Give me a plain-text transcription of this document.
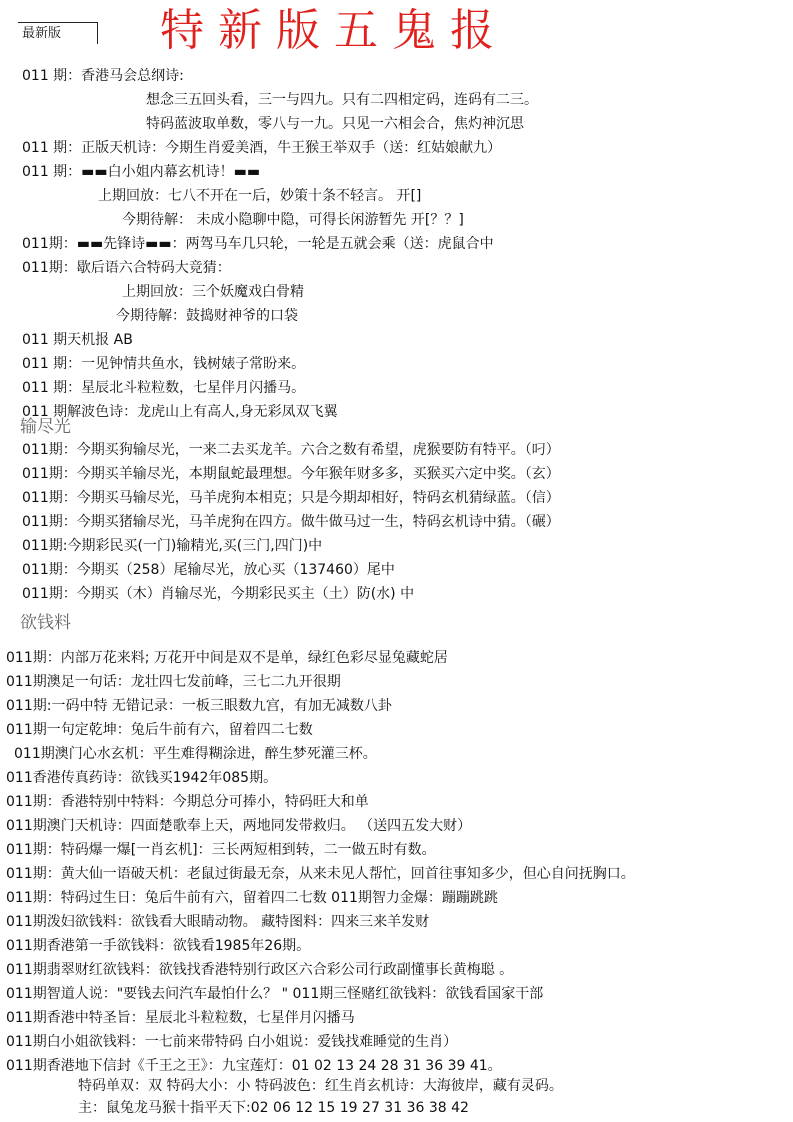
最新版	特新版五鬼报
011 期：香港马会总纲诗:
想念三五回头看，三一与四九。只有二四相定码，连码有二三。
特码蓝波取单数，零八与一九。只见一六相会合，焦灼神沉思
011 期：正版天机诗：今期生肖爱美酒，牛王猴王举双手（送：红姑娘献九）
011 期：▬▬白小姐内幕玄机诗！▬▬
上期回放：七八不开在一后，妙策十条不轻言。 开[]
今期待解： 未成小隐聊中隐，可得长闲游暂先 开[？？]
011期：▬▬先锋诗▬▬：两驾马车几只轮，一轮是五就会乘（送：虎鼠合中
011期：歇后语六合特码大竞猜：
上期回放：三个妖魔戏白骨精
今期待解：鼓捣财神爷的口袋
011 期天机报 AB
011 期：一见钟情共鱼水，钱树婊子常盼来。
011 期：星辰北斗粒粒数，七星伴月闪播马。
011 期解波色诗：龙虎山上有高人,身无彩凤双飞翼
输尽光
011期：今期买狗输尽光，一来二去买龙羊。六合之数有希望，虎猴要防有特平。（叼）
011期：今期买羊输尽光，本期鼠蛇最理想。今年猴年财多多，买猴买六定中奖。（玄）
011期：今期买马输尽光，马羊虎狗本相克；只是今期却相好，特码玄机猜绿蓝。（信）
011期：今期买猪输尽光，马羊虎狗在四方。做牛做马过一生，特码玄机诗中猜。（碾）
011期:今期彩民买(一门)输精光,买(三门,四门)中
011期：今期买（258）尾输尽光，放心买（137460）尾中
011期：今期买（木）肖输尽光，今期彩民买主（土）防(水) 中
欲钱料
011期：内部万花来料; 万花开中间是双不是单，绿红色彩尽显兔藏蛇居
011期澳足一句话：龙壮四七发前峰，三七二九开很期
011期:一码中特 无错记录：一板三眼数九宫，有加无减数八卦
011期一句定乾坤：兔后牛前有六，留着四二七数
011期澳门心水玄机：平生难得糊涂进，醉生梦死灌三杯。
011香港传真药诗：欲钱买1942年085期。
011期：香港特别中特料：今期总分可捧小，特码旺大和单
011期澳门天机诗：四面楚歌奉上天，两地同发带救归。 （送四五发大财）
011期：特码爆一爆[一肖玄机]：三长两短相到转，二一做五时有数。
011期：黄大仙一语破天机：老鼠过街最无奈，从来未见人帮忙，回首往事知多少，但心自问抚胸口。
011期：特码过生日：兔后牛前有六，留着四二七数 011期智力金爆：蹦蹦跳跳
011期泼妇欲钱料：欲钱看大眼睛动物。 藏特图料：四来三来羊发财
011期香港第一手欲钱料：欲钱看1985年26期。
011期翡翠财红欲钱料：欲钱找香港特别行政区六合彩公司行政副懂事长黄梅聪 。
011期智道人说："要钱去问汽车最怕什么？ " 011期三怪赌红欲钱料：欲钱看国家干部
011期香港中特圣旨：星辰北斗粒粒数，七星伴月闪播马
011期白小姐欲钱料：一七前来带特码 白小姐说：爱钱找难睡觉的生肖）
011期香港地下信封《千王之王》：九宝莲灯：01 02 13 24 28 31 36 39 41。
特码单双：双 特码大小：小 特码波色：红生肖玄机诗：大海彼岸，藏有灵码。
主：鼠兔龙马猴十指平天下:02 06 12 15 19 27 31 36 38 42
